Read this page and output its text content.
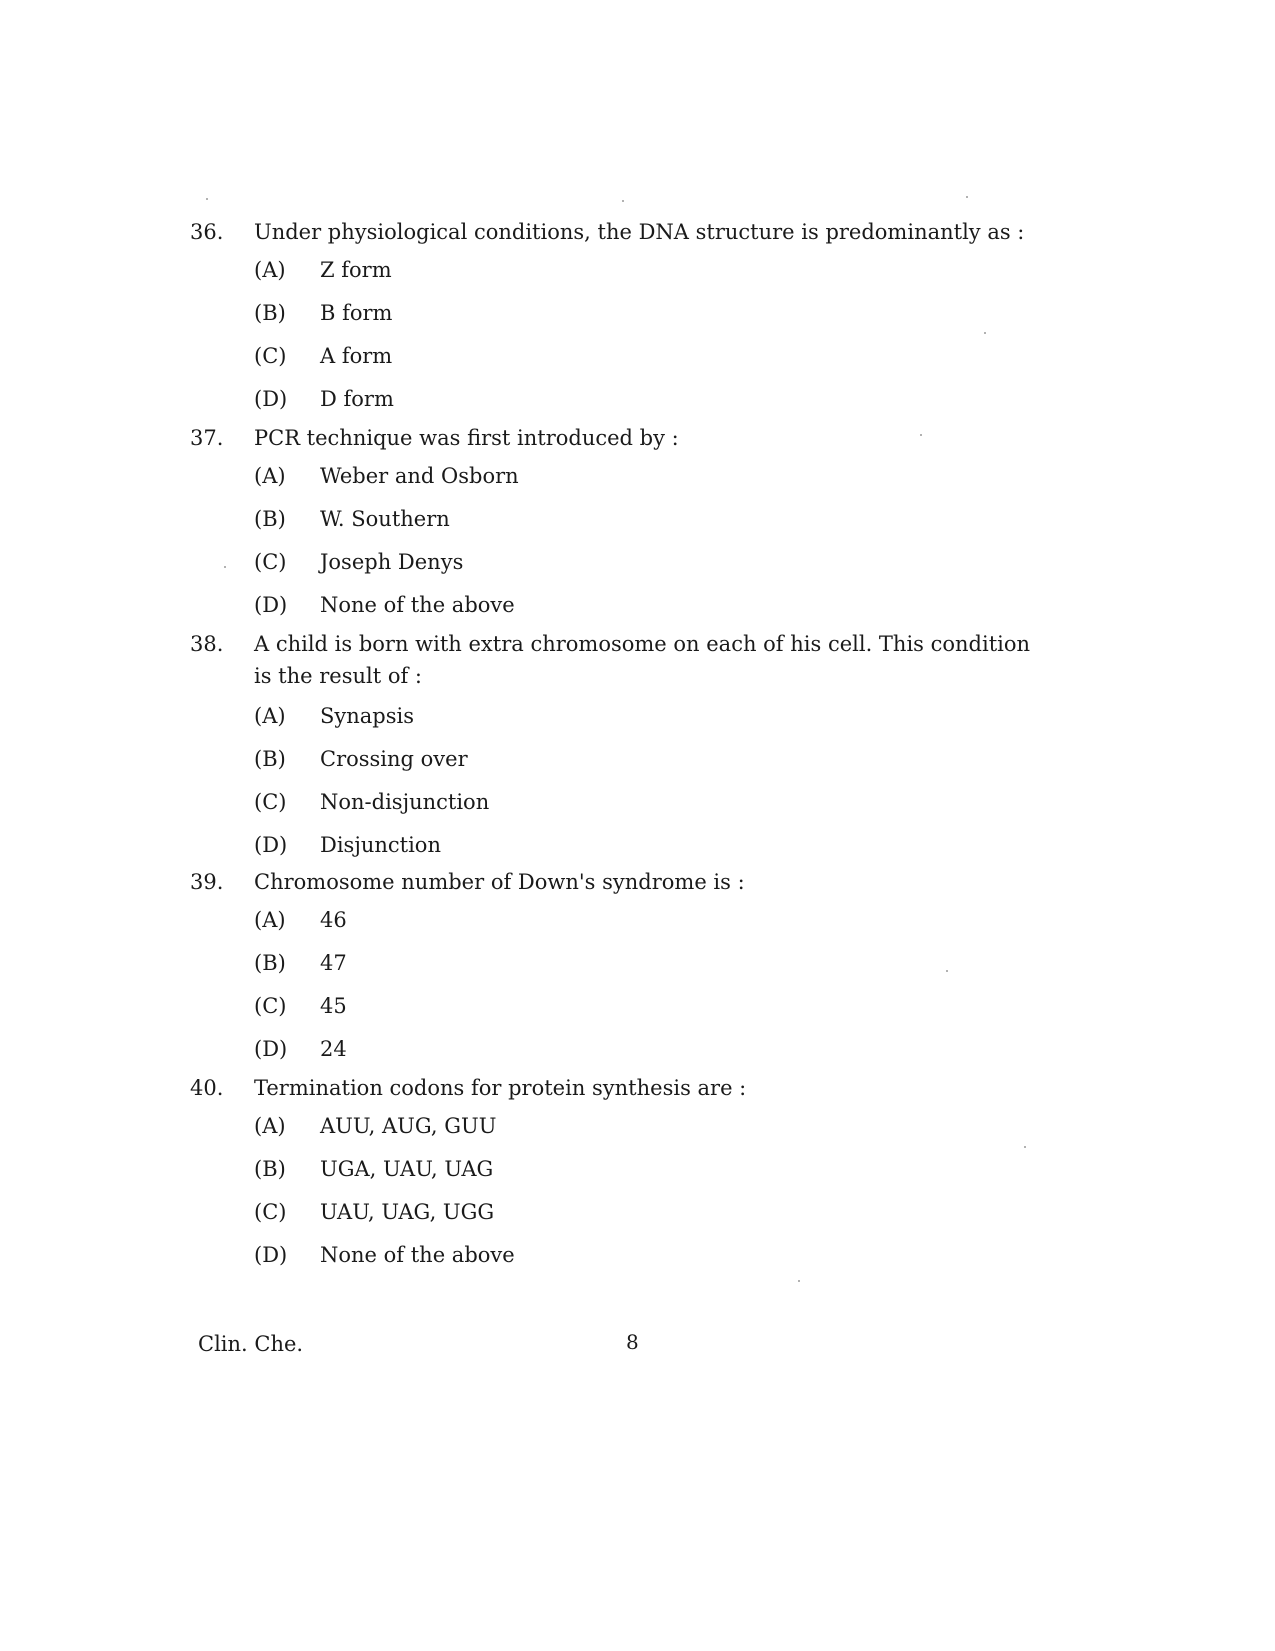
36.	Under physiological conditions, the DNA structure is predominantly as :
(A)	Z form
(B)	B form
(C)	A form
(D)	D form
37.	PCR technique was first introduced by :
(A)	Weber and Osborn
(B)	W. Southern
(C)	Joseph Denys
(D)	None of the above
38.	A child is born with extra chromosome on each of his cell. This condition is the result of :
(A)	Synapsis
(B)	Crossing over
(C)	Non-disjunction
(D)	Disjunction
39.	Chromosome number of Down's syndrome is :
(A)	46
(B)	47
(C)	45
(D)	24
40.	Termination codons for protein synthesis are :
(A)	AUU, AUG, GUU
(B)	UGA, UAU, UAG
(C)	UAU, UAG, UGG
(D)	None of the above
Clin. Che.	8
